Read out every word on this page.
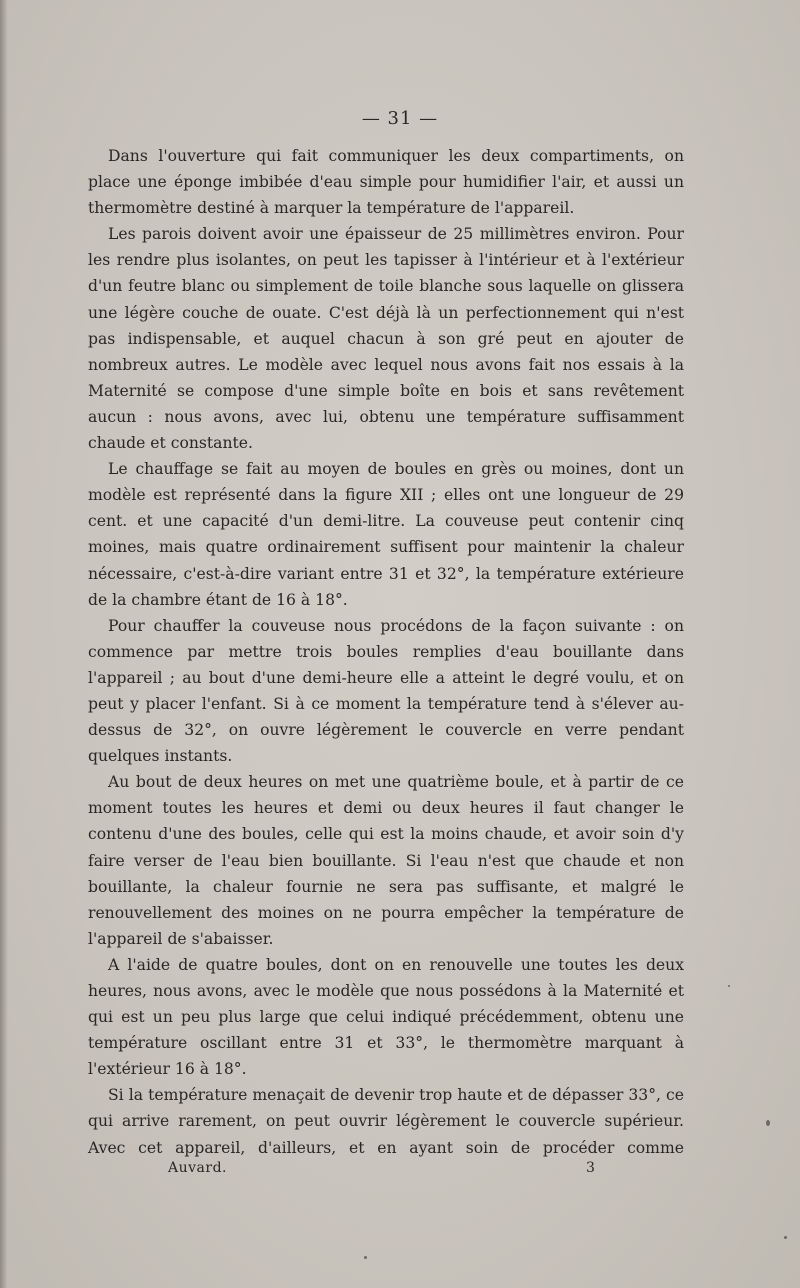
— 31 —

Dans l'ouverture qui fait communiquer les deux compartiments, on place une éponge imbibée d'eau simple pour humidifier l'air, et aussi un thermomètre destiné à marquer la température de l'appareil.

Les parois doivent avoir une épaisseur de 25 millimètres environ. Pour les rendre plus isolantes, on peut les tapisser à l'intérieur et à l'extérieur d'un feutre blanc ou simplement de toile blanche sous laquelle on glissera une légère couche de ouate. C'est déjà là un perfectionnement qui n'est pas indispensable, et auquel chacun à son gré peut en ajouter de nombreux autres. Le modèle avec lequel nous avons fait nos essais à la Maternité se compose d'une simple boîte en bois et sans revêtement aucun : nous avons, avec lui, obtenu une température suffisamment chaude et constante.

Le chauffage se fait au moyen de boules en grès ou moines, dont un modèle est représenté dans la figure XII ; elles ont une longueur de 29 cent. et une capacité d'un demi-litre. La couveuse peut contenir cinq moines, mais quatre ordinairement suffisent pour maintenir la chaleur nécessaire, c'est-à-dire variant entre 31 et 32°, la température extérieure de la chambre étant de 16 à 18°.

Pour chauffer la couveuse nous procédons de la façon suivante : on commence par mettre trois boules remplies d'eau bouillante dans l'appareil ; au bout d'une demi-heure elle a atteint le degré voulu, et on peut y placer l'enfant. Si à ce moment la température tend à s'élever au-dessus de 32°, on ouvre légèrement le couvercle en verre pendant quelques instants.

Au bout de deux heures on met une quatrième boule, et à partir de ce moment toutes les heures et demi ou deux heures il faut changer le contenu d'une des boules, celle qui est la moins chaude, et avoir soin d'y faire verser de l'eau bien bouillante. Si l'eau n'est que chaude et non bouillante, la chaleur fournie ne sera pas suffisante, et malgré le renouvellement des moines on ne pourra empêcher la température de l'appareil de s'abaisser.

A l'aide de quatre boules, dont on en renouvelle une toutes les deux heures, nous avons, avec le modèle que nous possédons à la Maternité et qui est un peu plus large que celui indiqué précédemment, obtenu une température oscillant entre 31 et 33°, le thermomètre marquant à l'extérieur 16 à 18°.

Si la température menaçait de devenir trop haute et de dépasser 33°, ce qui arrive rarement, on peut ouvrir légèrement le couvercle supérieur. Avec cet appareil, d'ailleurs, et en ayant soin de procéder comme

Auvard.	3
